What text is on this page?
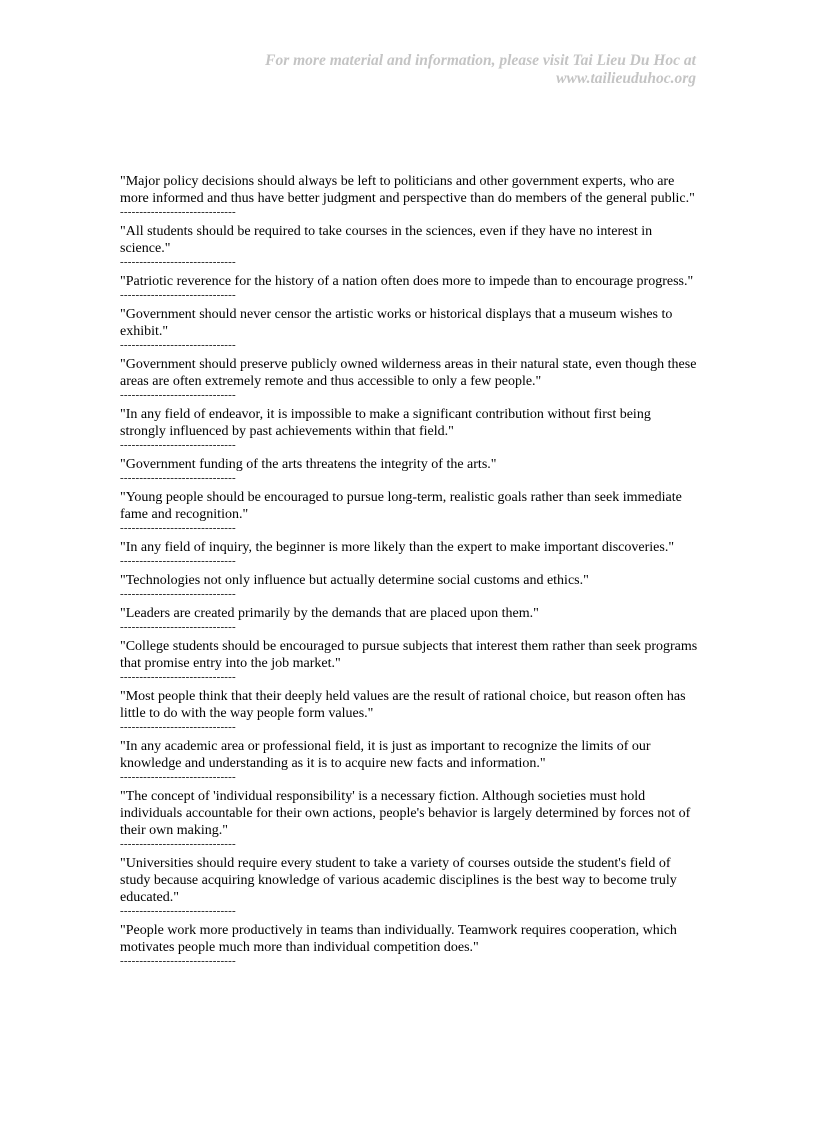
For more material and information, please visit Tai Lieu Du Hoc at
www.tailieuduhoc.org

"Major policy decisions should always be left to politicians and other government experts, who are more informed and thus have better judgment and perspective than do members of the general public."

------------------------------

"All students should be required to take courses in the sciences, even if they have no interest in science."

------------------------------

"Patriotic reverence for the history of a nation often does more to impede than to encourage progress."

------------------------------

"Government should never censor the artistic works or historical displays that a museum wishes to exhibit."

------------------------------

"Government should preserve publicly owned wilderness areas in their natural state, even though these areas are often extremely remote and thus accessible to only a few people."

------------------------------

"In any field of endeavor, it is impossible to make a significant contribution without first being strongly influenced by past achievements within that field."

------------------------------

"Government funding of the arts threatens the integrity of the arts."

------------------------------

"Young people should be encouraged to pursue long-term, realistic goals rather than seek immediate fame and recognition."

------------------------------

"In any field of inquiry, the beginner is more likely than the expert to make important discoveries."

------------------------------

"Technologies not only influence but actually determine social customs and ethics."

------------------------------

"Leaders are created primarily by the demands that are placed upon them."

------------------------------

"College students should be encouraged to pursue subjects that interest them rather than seek programs that promise entry into the job market."

------------------------------

"Most people think that their deeply held values are the result of rational choice, but reason often has little to do with the way people form values."

------------------------------

"In any academic area or professional field, it is just as important to recognize the limits of our knowledge and understanding as it is to acquire new facts and information."

------------------------------

"The concept of 'individual responsibility' is a necessary fiction. Although societies must hold individuals accountable for their own actions, people's behavior is largely determined by forces not of their own making."

------------------------------

"Universities should require every student to take a variety of courses outside the student's field of study because acquiring knowledge of various academic disciplines is the best way to become truly educated."

------------------------------

"People work more productively in teams than individually. Teamwork requires cooperation, which motivates people much more than individual competition does."

------------------------------
